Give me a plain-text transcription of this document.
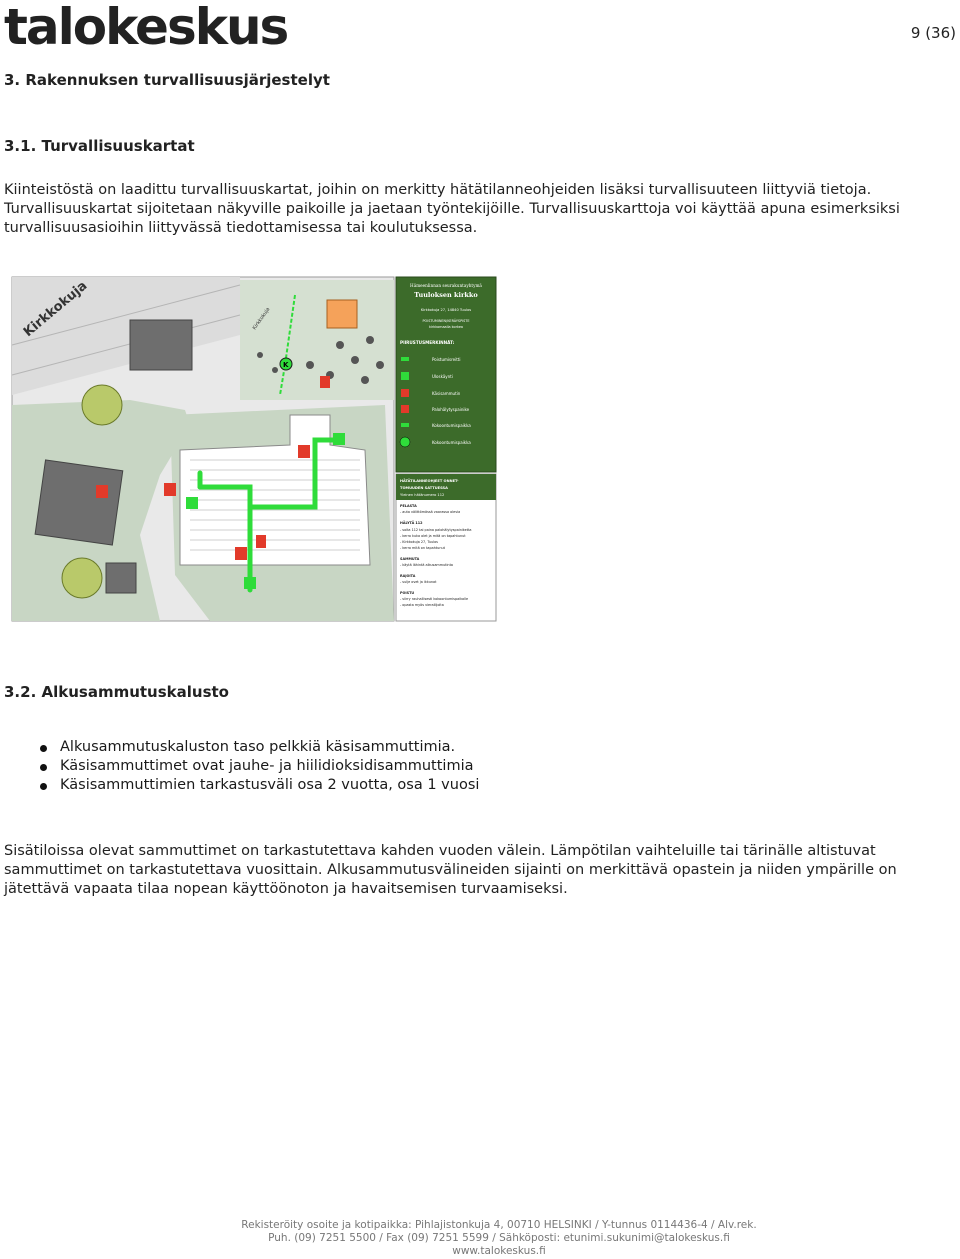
talokeskus	9 (36)
3. Rakennuksen turvallisuusjärjestelyt
3.1. Turvallisuuskartat
Kiinteistöstä on laadittu turvallisuuskartat, joihin on merkitty hätätilanneohjeiden lisäksi turvallisuuteen liittyviä tietoja.
Turvallisuuskartat sijoitetaan näkyville paikoille ja jaetaan työntekijöille. Turvallisuuskarttoja voi käyttää apuna esimerksiksi turvallisuusasioihin liittyvässä tiedottamisessa tai koulutuksessa.
Kirkkokuja	Kirkkokuja
K
Hämeenlinnan seurakuntayhtymä
Tuuloksen kirkko
Kirkkokuja 27, 14840 Tuulos
POISTUMINEN/KERÄYSPISTE
kirkkomaalla korkea
PIIRUSTUSMERKINNÄT:
Poistumisreitti
Uloskäynti
Käsisammutin
Palohälytyspainike
Kokoontumispaikka
Kokoontumispaikka
HÄTÄTILANNEOHJEET ONNET-
TOMUUDEN SATTUESSA
Yleinen hätänumero 112
PELASTA
- auta välittömässä vaarassa olevia
HÄLYTÄ 112
- soita 112 tai paina palohälytyspainiketta
- kerro kuka olet ja mitä on tapahtunut
- Kirkkokuja 27, Tuulos
- kerro mitä on tapahtunut
SAMMUTA
- käytä lähintä alkusammutinta
RAJOITA
- sulje ovet ja ikkunat
POISTU
- siirry rauhallisesti kokoontumispaikalle
- opasta myös vierailijoita
3.2. Alkusammutuskalusto
Alkusammutuskaluston taso pelkkiä käsisammuttimia.
Käsisammuttimet ovat jauhe- ja hiilidioksidisammuttimia
Käsisammuttimien tarkastusväli osa 2 vuotta, osa 1 vuosi
Sisätiloissa olevat sammuttimet on tarkastutettava kahden vuoden välein. Lämpötilan vaihteluille tai tärinälle altistuvat sammuttimet on tarkastutettava vuosittain. Alkusammutusvälineiden sijainti on merkittävä opastein ja niiden ympärille on jätettävä vapaata tilaa nopean käyttöönoton ja havaitsemisen turvaamiseksi.
Rekisteröity osoite ja kotipaikka: Pihlajistonkuja 4, 00710 HELSINKI / Y-tunnus 0114436-4 / Alv.rek.
Puh. (09) 7251 5500 / Fax (09) 7251 5599 / Sähköposti: etunimi.sukunimi@talokeskus.fi
www.talokeskus.fi
